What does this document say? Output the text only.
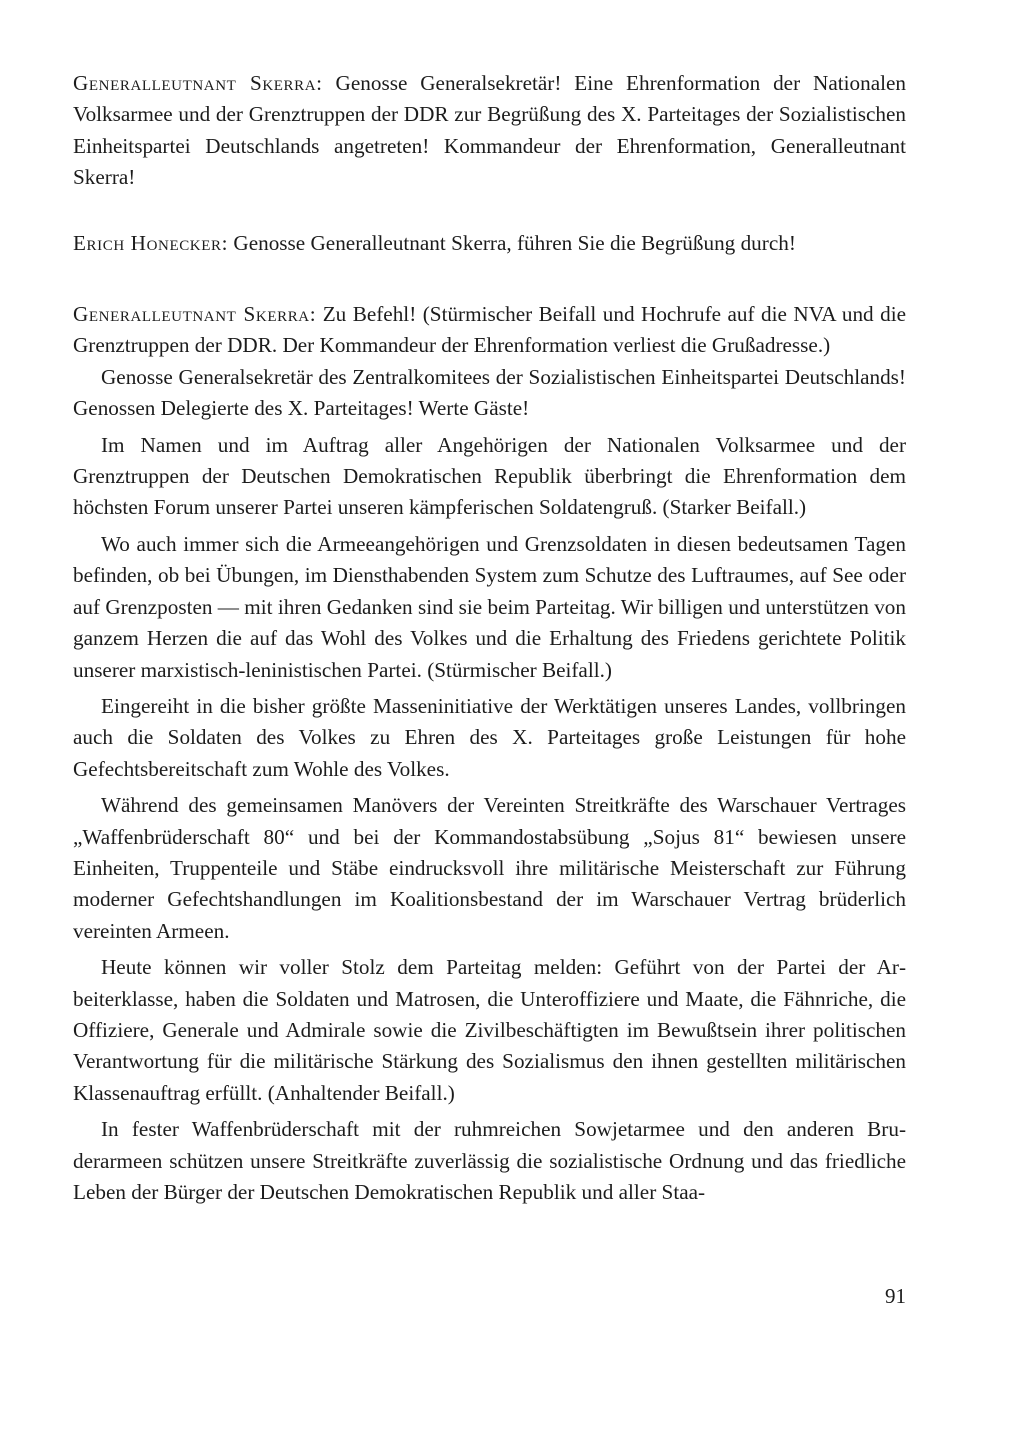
Generalleutnant Skerra: Genosse Generalsekretär! Eine Ehrenformation der Nationalen Volksarmee und der Grenztruppen der DDR zur Begrüßung des X. Parteitages der Sozialistischen Einheitspartei Deutschlands angetreten! Kommandeur der Ehrenformation, Generalleutnant Skerra!

Erich Honecker: Genosse Generalleutnant Skerra, führen Sie die Begrüßung durch!

Generalleutnant Skerra: Zu Befehl! (Stürmischer Beifall und Hochrufe auf die NVA und die Grenztruppen der DDR. Der Kommandeur der Ehrenformation verliest die Grußadresse.)

Genosse Generalsekretär des Zentralkomitees der Sozialistischen Einheitspartei Deutschlands! Genossen Delegierte des X. Parteitages! Werte Gäste!

Im Namen und im Auftrag aller Angehörigen der Nationalen Volksarmee und der Grenztruppen der Deutschen Demokratischen Republik überbringt die Ehrenformation dem höchsten Forum unserer Partei unseren kämpferischen Soldatengruß. (Starker Beifall.)

Wo auch immer sich die Armeeangehörigen und Grenzsoldaten in diesen bedeutsamen Tagen befinden, ob bei Übungen, im Diensthabenden System zum Schutze des Luftraumes, auf See oder auf Grenzposten — mit ihren Gedanken sind sie beim Parteitag. Wir billigen und unterstützen von ganzem Herzen die auf das Wohl des Volkes und die Erhaltung des Friedens gerichtete Politik unserer marxistisch-leninistischen Partei. (Stürmischer Beifall.)

Eingereiht in die bisher größte Masseninitiative der Werktätigen unseres Landes, vollbringen auch die Soldaten des Volkes zu Ehren des X. Parteitages große Leistungen für hohe Gefechtsbereitschaft zum Wohle des Volkes.

Während des gemeinsamen Manövers der Vereinten Streitkräfte des Warschauer Vertrages „Waffenbrüderschaft 80“ und bei der Kommandostabsübung „Sojus 81“ bewiesen unsere Einheiten, Truppenteile und Stäbe eindrucksvoll ihre militärische Meisterschaft zur Führung moderner Gefechtshandlungen im Koalitionsbestand der im Warschauer Vertrag brüderlich vereinten Armeen.

Heute können wir voller Stolz dem Parteitag melden: Geführt von der Partei der Arbeiterklasse, haben die Soldaten und Matrosen, die Unteroffiziere und Maate, die Fähnriche, die Offiziere, Generale und Admirale sowie die Zivilbeschäftigten im Bewußtsein ihrer politischen Verantwortung für die militärische Stärkung des Sozialismus den ihnen gestellten militärischen Klassenauftrag erfüllt. (Anhaltender Beifall.)

In fester Waffenbrüderschaft mit der ruhmreichen Sowjetarmee und den anderen Bruderarmeen schützen unsere Streitkräfte zuverlässig die sozialistische Ordnung und das friedliche Leben der Bürger der Deutschen Demokratischen Republik und aller Staa-

91
